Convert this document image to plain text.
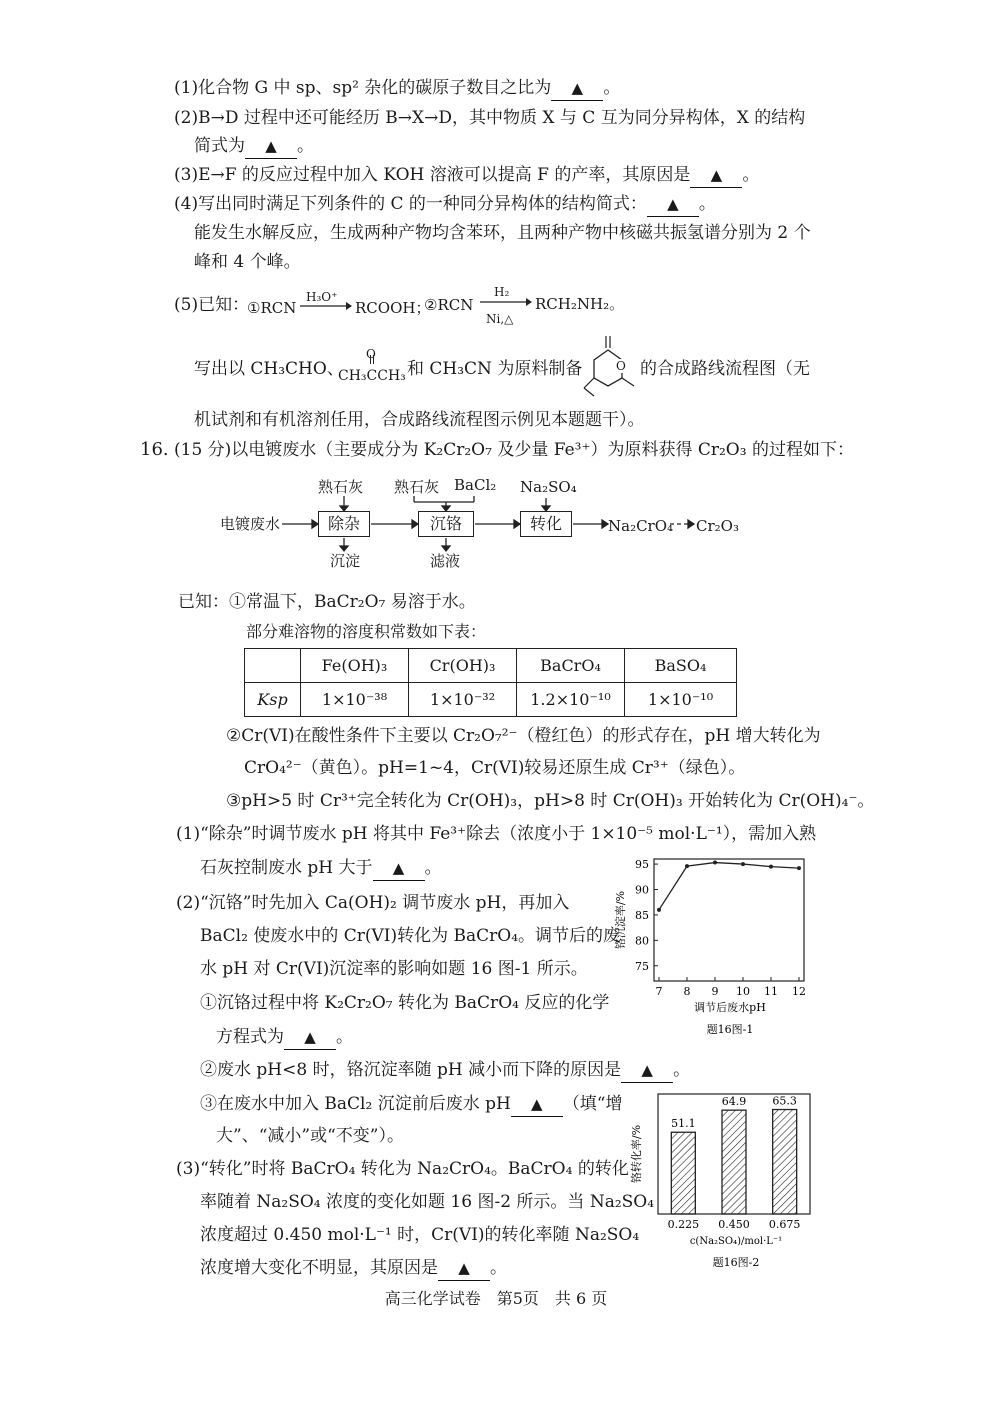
(1)化合物 G 中 sp、sp² 杂化的碳原子数目之比为 ▲ 。
(2)B→D 过程中还可能经历 B→X→D，其中物质 X 与 C 互为同分异构体，X 的结构
简式为 ▲ 。
(3)E→F 的反应过程中加入 KOH 溶液可以提高 F 的产率，其原因是 ▲ 。
(4)写出同时满足下列条件的 C 的一种同分异构体的结构简式： ▲ 。
能发生水解反应，生成两种产物均含苯环，且两种产物中核磁共振氢谱分别为 2 个
峰和 4 个峰。
(5)已知：
①RCN
H₃O⁺
RCOOH；
②RCN
H₂
Ni,△
RCH₂NH₂。
写出以 CH₃CHO、
O
CH₃CCH₃ 和 CH₃CN 为原料制备	O 的合成路线流程图（无
机试剂和有机溶剂任用，合成路线流程图示例见本题题干）。
16. (15 分)以电镀废水（主要成分为 K₂Cr₂O₇ 及少量 Fe³⁺）为原料获得 Cr₂O₃ 的过程如下：
电镀废水	除杂	沉铬	转化
熟石灰 熟石灰 BaCl₂ Na₂SO₄
沉淀	滤液
Na₂CrO₄ Cr₂O₃
已知：①常温下，BaCr₂O₇ 易溶于水。
部分难溶物的溶度积常数如下表：
	Fe(OH)₃	Cr(OH)₃	BaCrO₄	BaSO₄
Ksp	1×10⁻³⁸	1×10⁻³²	1.2×10⁻¹⁰	1×10⁻¹⁰
②Cr(VI)在酸性条件下主要以 Cr₂O₇²⁻（橙红色）的形式存在，pH 增大转化为
CrO₄²⁻（黄色）。pH=1~4，Cr(VI)较易还原生成 Cr³⁺（绿色）。
③pH>5 时 Cr³⁺完全转化为 Cr(OH)₃，pH>8 时 Cr(OH)₃ 开始转化为 Cr(OH)₄⁻。
(1)“除杂”时调节废水 pH 将其中 Fe³⁺除去（浓度小于 1×10⁻⁵ mol·L⁻¹），需加入熟
石灰控制废水 pH 大于 ▲ 。
(2)“沉铬”时先加入 Ca(OH)₂ 调节废水 pH，再加入
BaCl₂ 使废水中的 Cr(VI)转化为 BaCrO₄。调节后的废
水 pH 对 Cr(VI)沉淀率的影响如题 16 图-1 所示。
①沉铬过程中将 K₂Cr₂O₇ 转化为 BaCrO₄ 反应的化学
方程式为 ▲ 。
②废水 pH<8 时，铬沉淀率随 pH 减小而下降的原因是 ▲ 。
③在废水中加入 BaCl₂ 沉淀前后废水 pH ▲ （填“增
大”、“减小”或“不变”）。
(3)“转化”时将 BaCrO₄ 转化为 Na₂CrO₄。BaCrO₄ 的转化
率随着 Na₂SO₄ 浓度的变化如题 16 图-2 所示。当 Na₂SO₄
浓度超过 0.450 mol·L⁻¹ 时，Cr(VI)的转化率随 Na₂SO₄
浓度增大变化不明显，其原因是 ▲ 。
75
80
85
90
95
7 8 9 10 11 12
铬沉淀率/%
调节后废水pH
题16图-1
51.1
0.225
64.9
0.450
65.3
0.675
铬转化率/%
c(Na₂SO₄)/mol·L⁻¹
题16图-2
高三化学试卷　第5页　共 6 页
